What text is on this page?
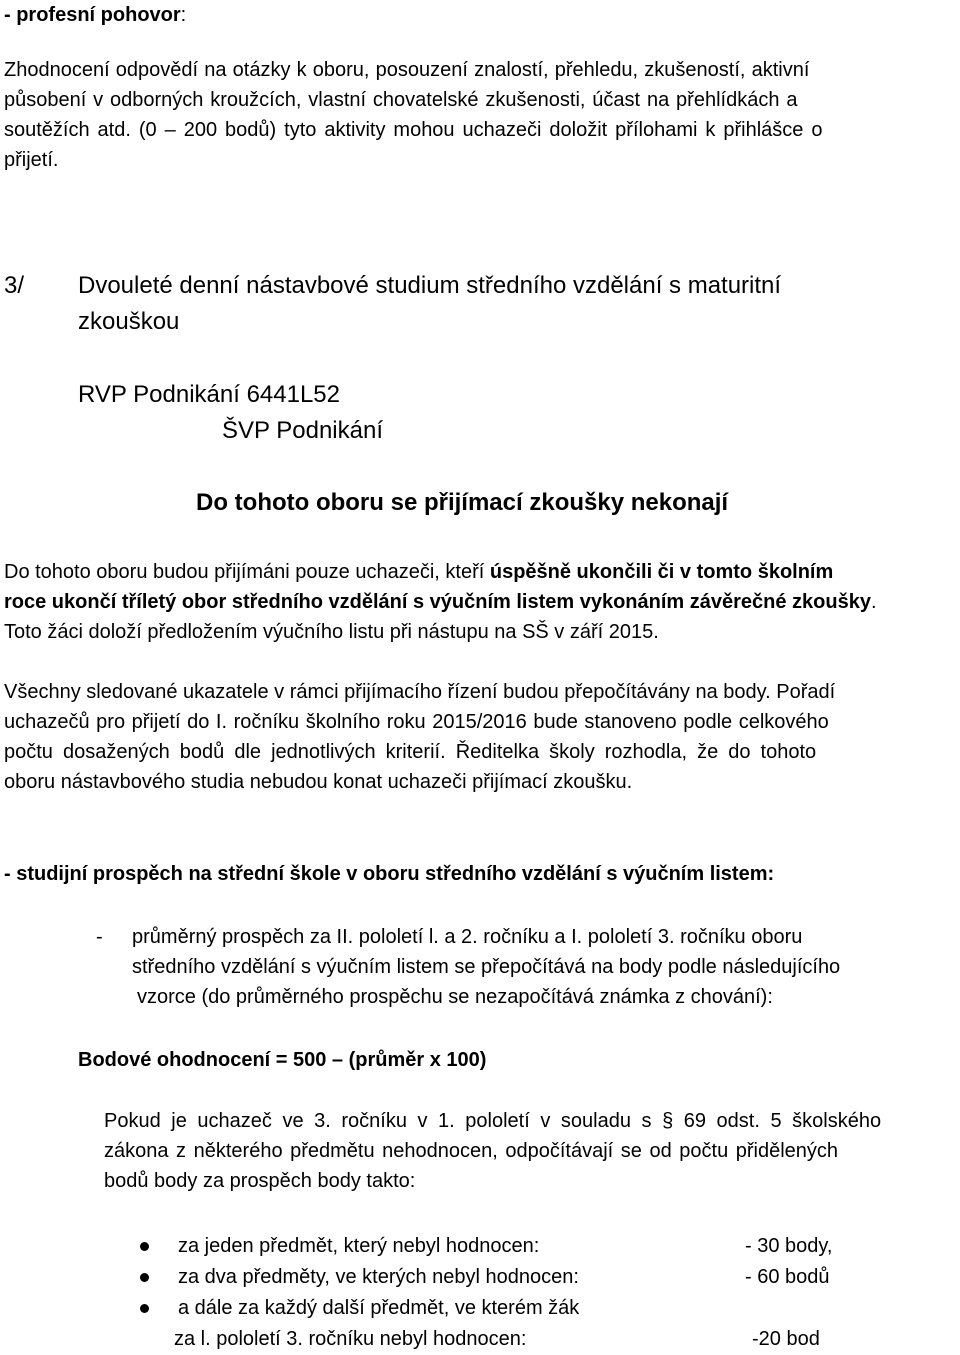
- profesní pohovor:
Zhodnocení odpovědí na otázky k oboru, posouzení znalostí, přehledu, zkušeností, aktivní
působení v odborných kroužcích, vlastní chovatelské zkušenosti, účast na přehlídkách a
soutěžích atd. (0 – 200 bodů) tyto aktivity mohou uchazeči doložit přílohami k přihlášce o
přijetí.
3/ Dvouleté denní nástavbové studium středního vzdělání s maturitní
zkouškou
RVP Podnikání 6441L52
ŠVP Podnikání
Do tohoto oboru se přijímací zkoušky nekonají
Do tohoto oboru budou přijímáni pouze uchazeči, kteří úspěšně ukončili či v tomto školním
roce ukončí tříletý obor středního vzdělání s výučním listem vykonáním závěrečné zkoušky.
Toto žáci doloží předložením výučního listu při nástupu na SŠ v září 2015.
Všechny sledované ukazatele v rámci přijímacího řízení budou přepočítávány na body. Pořadí
uchazečů pro přijetí do I. ročníku školního roku 2015/2016 bude stanoveno podle celkového
počtu dosažených bodů dle jednotlivých kriterií. Ředitelka školy rozhodla, že do tohoto
oboru nástavbového studia nebudou konat uchazeči přijímací zkoušku.
- studijní prospěch na střední škole v oboru středního vzdělání s výučním listem:
- průměrný prospěch za II. pololetí l. a 2. ročníku a I. pololetí 3. ročníku oboru
středního vzdělání s výučním listem se přepočítává na body podle následujícího
vzorce (do průměrného prospěchu se nezapočítává známka z chování):
Bodové ohodnocení = 500 – (průměr x 100)
Pokud je uchazeč ve 3. ročníku v 1. pololetí v souladu s § 69 odst. 5 školského
zákona z některého předmětu nehodnocen, odpočítávají se od počtu přidělených
bodů body za prospěch body takto:
za jeden předmět, který nebyl hodnocen:	- 30 body,
za dva předměty, ve kterých nebyl hodnocen:	- 60 bodů
a dále za každý další předmět, ve kterém žák
za l. pololetí 3. ročníku nebyl hodnocen:	-20 bod
